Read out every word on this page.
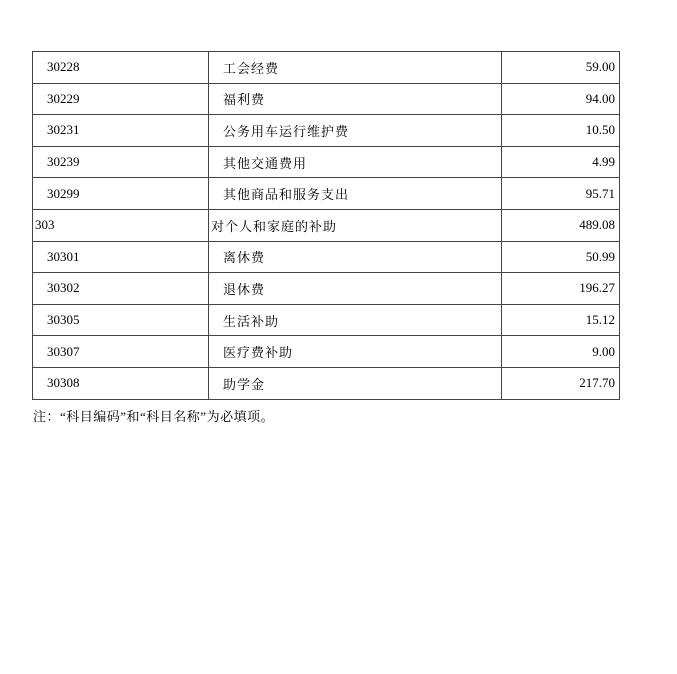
30228	工会经费	59.00
30229	福利费	94.00
30231	公务用车运行维护费	10.50
30239	其他交通费用	4.99
30299	其他商品和服务支出	95.71
303	对个人和家庭的补助	489.08
30301	离休费	50.99
30302	退休费	196.27
30305	生活补助	15.12
30307	医疗费补助	9.00
30308	助学金	217.70
注：“科目编码”和“科目名称”为必填项。
